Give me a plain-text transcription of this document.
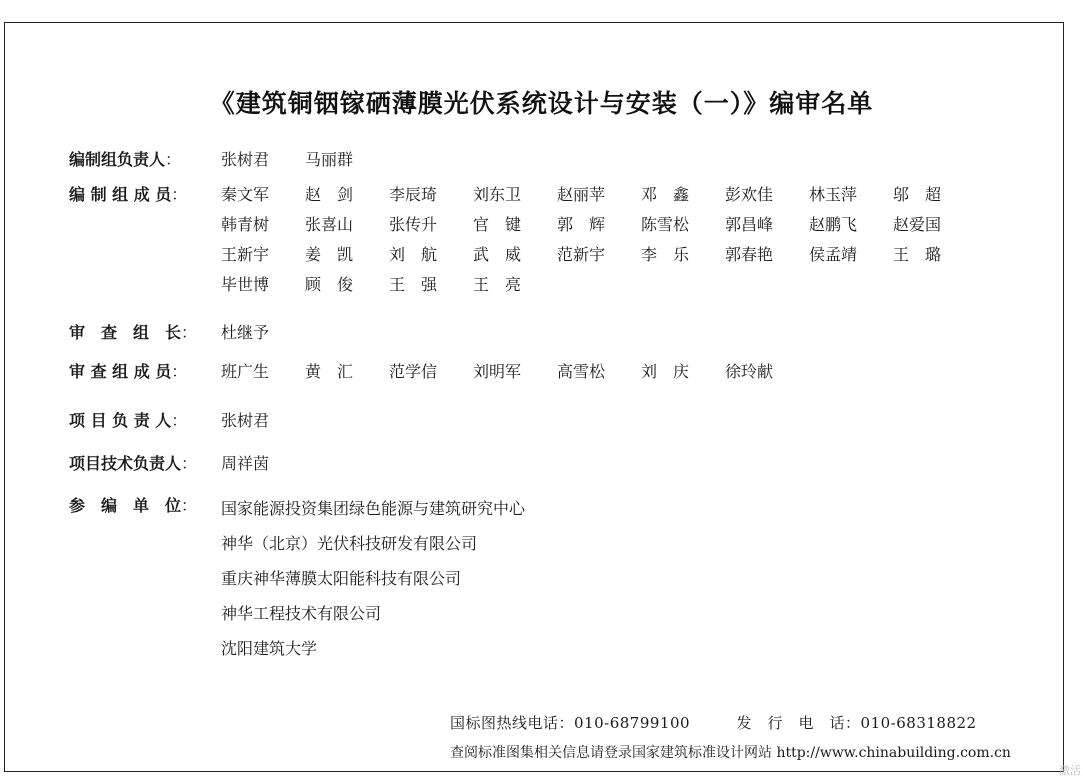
《建筑铜铟镓硒薄膜光伏系统设计与安装（一）》编审名单
编制组负责人：	张树君	马丽群
编 制 组 成 员：	秦文军	赵　剑	李辰琦	刘东卫	赵丽苹	邓　鑫	彭欢佳	林玉萍	邬　超
韩青树	张喜山	张传升	官　键	郭　辉	陈雪松	郭昌峰	赵鹏飞	赵爱国
王新宇	姜　凯	刘　航	武　威	范新宇	李　乐	郭春艳	侯孟靖	王　璐
毕世博	顾　俊	王　强	王　亮
审　查　组　长：	杜继予
审 查 组 成 员：	班广生	黄　汇	范学信	刘明军	高雪松	刘　庆	徐玲献
项 目 负 责 人：	张树君
项目技术负责人：	周祥茵
参　编　单　位：	国家能源投资集团绿色能源与建筑研究中心
神华（北京）光伏科技研发有限公司
重庆神华薄膜太阳能科技有限公司
神华工程技术有限公司
沈阳建筑大学
国标图热线电话：010-68799100　　　发　行　电　话：010-68318822
查阅标准图集相关信息请登录国家建筑标准设计网站 http://www.chinabuilding.com.cn
激活
